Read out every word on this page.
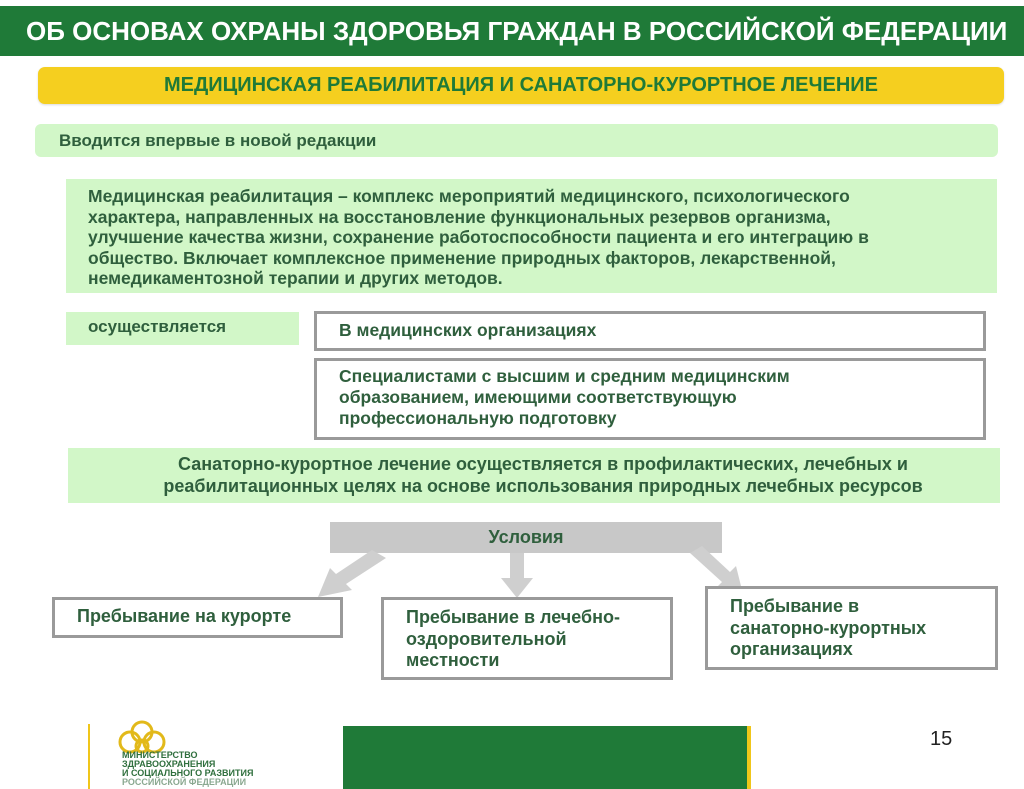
ОБ ОСНОВАХ ОХРАНЫ ЗДОРОВЬЯ ГРАЖДАН В РОССИЙСКОЙ ФЕДЕРАЦИИ
МЕДИЦИНСКАЯ РЕАБИЛИТАЦИЯ И САНАТОРНО-КУРОРТНОЕ ЛЕЧЕНИЕ
Вводится впервые в новой редакции

Медицинская реабилитация – комплекс мероприятий медицинского, психологического
характера, направленных на восстановление функциональных резервов организма,
улучшение качества жизни, сохранение работоспособности пациента и его интеграцию в
общество. Включает комплексное применение природных факторов, лекарственной,
немедикаментозной терапии и других методов.

осуществляется	В медицинских организациях

Специалистами с высшим и средним медицинским
образованием, имеющими соответствующую
профессиональную подготовку

Санаторно-курортное лечение осуществляется в профилактических, лечебных и
реабилитационных целях на основе использования природных лечебных ресурсов

Условия

Пребывание на курорте	Пребывание в лечебно-
оздоровительной
местности

Пребывание в
санаторно-курортных
организациях

МИНИСТЕРСТВО
ЗДРАВООХРАНЕНИЯ
И СОЦИАЛЬНОГО РАЗВИТИЯ
РОССИЙСКОЙ ФЕДЕРАЦИИ
15
